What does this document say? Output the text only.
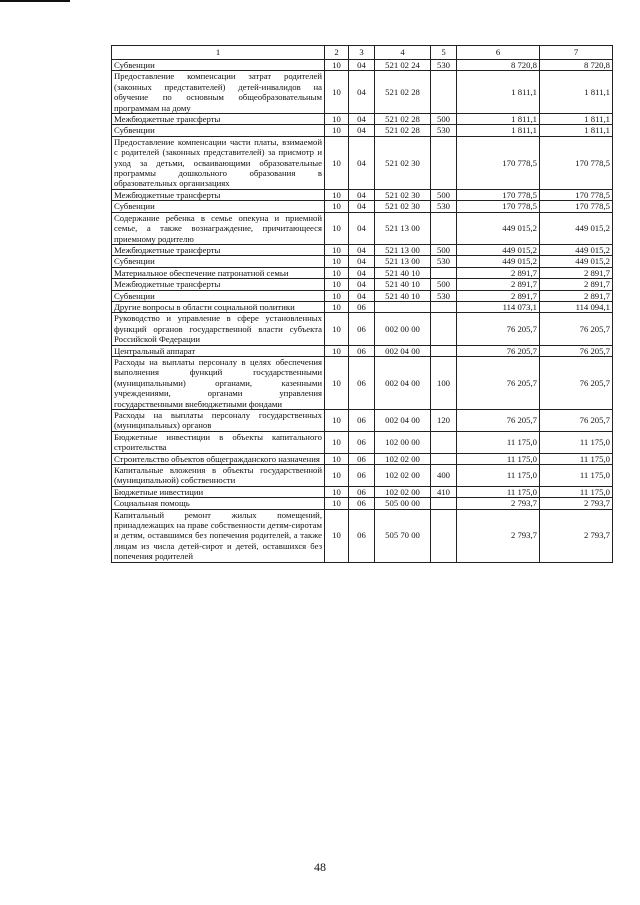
1	2	3	4	5	6	7
Субвенции	10	04	521 02 24	530	8 720,8	8 720,8
Предоставление компенсации затрат родителей (законных представителей) детей-инвалидов на обучение по основным общеобразовательным программам на дому	10	04	521 02 28		1 811,1	1 811,1
Межбюджетные трансферты	10	04	521 02 28	500	1 811,1	1 811,1
Субвенции	10	04	521 02 28	530	1 811,1	1 811,1
Предоставление компенсации части платы, взимаемой с родителей (законных представителей) за присмотр и уход за детьми, осваивающими образовательные программы дошкольного образования в образовательных организациях	10	04	521 02 30		170 778,5	170 778,5
Межбюджетные трансферты	10	04	521 02 30	500	170 778,5	170 778,5
Субвенции	10	04	521 02 30	530	170 778,5	170 778,5
Содержание ребенка в семье опекуна и приемной семье, а также вознаграждение, причитающееся приемному родителю	10	04	521 13 00		449 015,2	449 015,2
Межбюджетные трансферты	10	04	521 13 00	500	449 015,2	449 015,2
Субвенции	10	04	521 13 00	530	449 015,2	449 015,2
Материальное обеспечение патронатной семьи	10	04	521 40 10		2 891,7	2 891,7
Межбюджетные трансферты	10	04	521 40 10	500	2 891,7	2 891,7
Субвенции	10	04	521 40 10	530	2 891,7	2 891,7
Другие вопросы в области социальной политики	10	06			114 073,1	114 094,1
Руководство и управление в сфере установленных функций органов государственной власти субъекта Российской Федерации	10	06	002 00 00		76 205,7	76 205,7
Центральный аппарат	10	06	002 04 00		76 205,7	76 205,7
Расходы на выплаты персоналу в целях обеспечения выполнения функций государственными (муниципальными) органами, казенными учреждениями, органами управления государственными внебюджетными фондами	10	06	002 04 00	100	76 205,7	76 205,7
Расходы на выплаты персоналу государственных (муниципальных) органов	10	06	002 04 00	120	76 205,7	76 205,7
Бюджетные инвестиции в объекты капитального строительства	10	06	102 00 00		11 175,0	11 175,0
Строительство объектов общегражданского назначения	10	06	102 02 00		11 175,0	11 175,0
Капитальные вложения в объекты государственной (муниципальной) собственности	10	06	102 02 00	400	11 175,0	11 175,0
Бюджетные инвестиции	10	06	102 02 00	410	11 175,0	11 175,0
Социальная помощь	10	06	505 00 00		2 793,7	2 793,7
Капитальный ремонт жилых помещений, принадлежащих на праве собственности детям-сиротам и детям, оставшимся без попечения родителей, а также лицам из числа детей-сирот и детей, оставшихся без попечения родителей	10	06	505 70 00		2 793,7	2 793,7
48
